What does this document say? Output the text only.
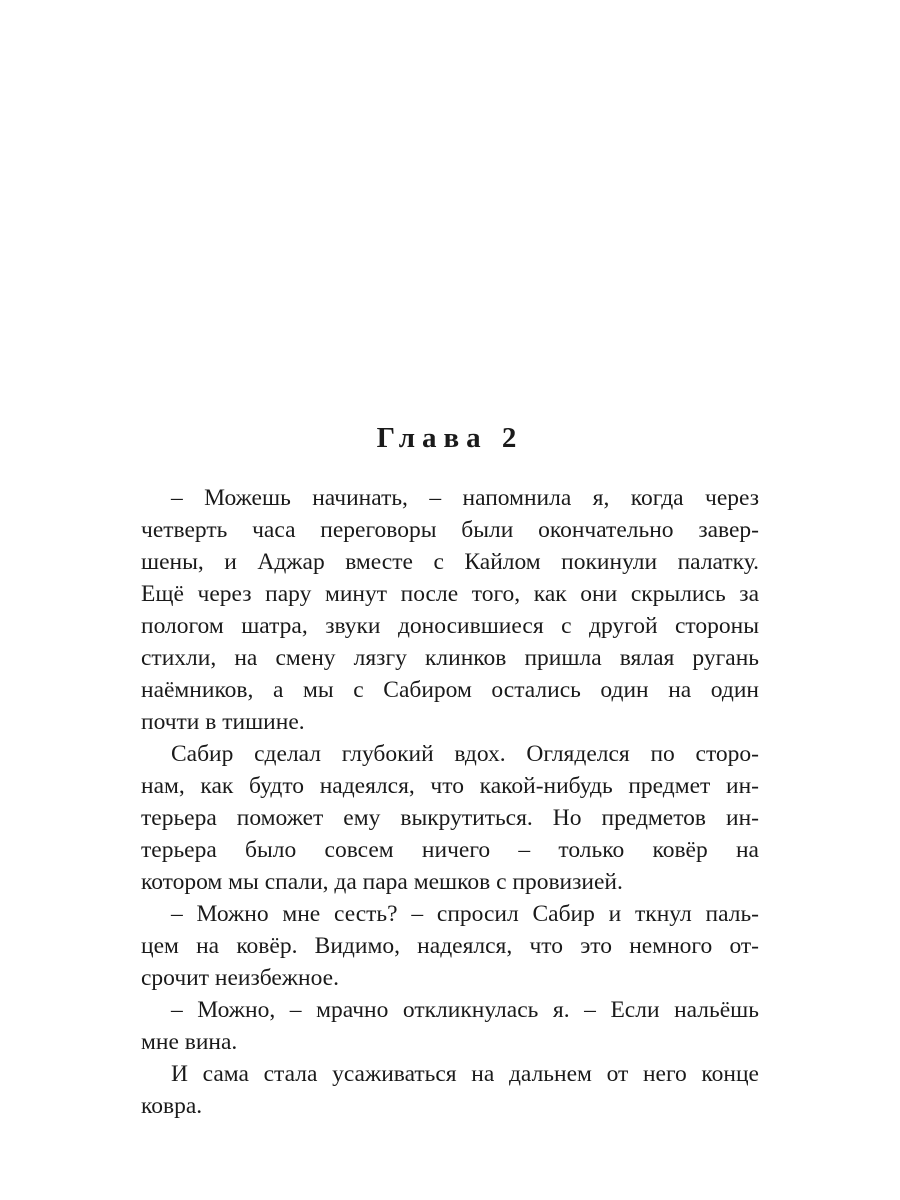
Глава 2
– Можешь начинать, – напомнила я, когда через
четверть часа переговоры были окончательно завер-
шены, и Аджар вместе с Кайлом покинули палатку.
Ещё через пару минут после того, как они скрылись за
пологом шатра, звуки доносившиеся с другой стороны
стихли, на смену лязгу клинков пришла вялая ругань
наёмников, а мы с Сабиром остались один на один
почти в тишине.
Сабир сделал глубокий вдох. Огляделся по сторо-
нам, как будто надеялся, что какой-нибудь предмет ин-
терьера поможет ему выкрутиться. Но предметов ин-
терьера было совсем ничего – только ковёр на
котором мы спали, да пара мешков с провизией.
– Можно мне сесть? – спросил Сабир и ткнул паль-
цем на ковёр. Видимо, надеялся, что это немного от-
срочит неизбежное.
– Можно, – мрачно откликнулась я. – Если нальёшь
мне вина.
И сама стала усаживаться на дальнем от него конце
ковра.
